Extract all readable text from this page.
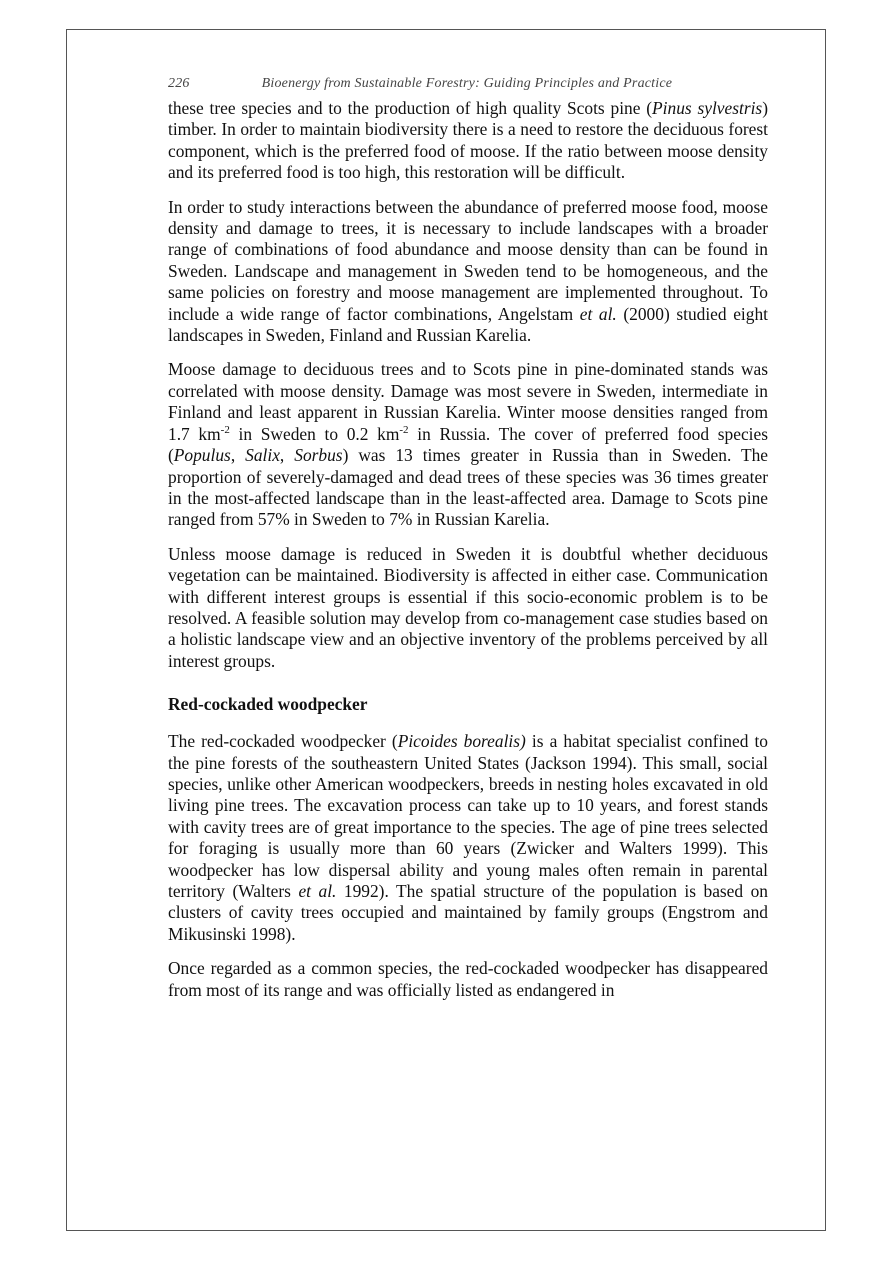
226	Bioenergy from Sustainable Forestry: Guiding Principles and Practice

these tree species and to the production of high quality Scots pine (Pinus sylvestris) timber. In order to maintain biodiversity there is a need to restore the deciduous forest component, which is the preferred food of moose. If the ratio between moose density and its preferred food is too high, this restoration will be difficult.

In order to study interactions between the abundance of preferred moose food, moose density and damage to trees, it is necessary to include landscapes with a broader range of combinations of food abundance and moose density than can be found in Sweden. Landscape and management in Sweden tend to be homogeneous, and the same policies on forestry and moose management are implemented throughout. To include a wide range of factor combinations, Angelstam et al. (2000) studied eight landscapes in Sweden, Finland and Russian Karelia.

Moose damage to deciduous trees and to Scots pine in pine-dominated stands was correlated with moose density. Damage was most severe in Sweden, intermediate in Finland and least apparent in Russian Karelia. Winter moose densities ranged from 1.7 $km^{-2}$ in Sweden to 0.2 $km^{-2}$ in Russia. The cover of preferred food species (Populus, Salix, Sorbus) was 13 times greater in Russia than in Sweden. The proportion of severely-damaged and dead trees of these species was 36 times greater in the most-affected landscape than in the least-affected area. Damage to Scots pine ranged from 57% in Sweden to 7% in Russian Karelia.

Unless moose damage is reduced in Sweden it is doubtful whether deciduous vegetation can be maintained. Biodiversity is affected in either case. Communication with different interest groups is essential if this socio-economic problem is to be resolved. A feasible solution may develop from co-management case studies based on a holistic landscape view and an objective inventory of the problems perceived by all interest groups.

Red-cockaded woodpecker

The red-cockaded woodpecker (Picoides borealis) is a habitat specialist confined to the pine forests of the southeastern United States (Jackson 1994). This small, social species, unlike other American woodpeckers, breeds in nesting holes excavated in old living pine trees. The excavation process can take up to 10 years, and forest stands with cavity trees are of great importance to the species. The age of pine trees selected for foraging is usually more than 60 years (Zwicker and Walters 1999). This woodpecker has low dispersal ability and young males often remain in parental territory (Walters et al. 1992). The spatial structure of the population is based on clusters of cavity trees occupied and maintained by family groups (Engstrom and Mikusinski 1998).

Once regarded as a common species, the red-cockaded woodpecker has disappeared from most of its range and was officially listed as endangered in
